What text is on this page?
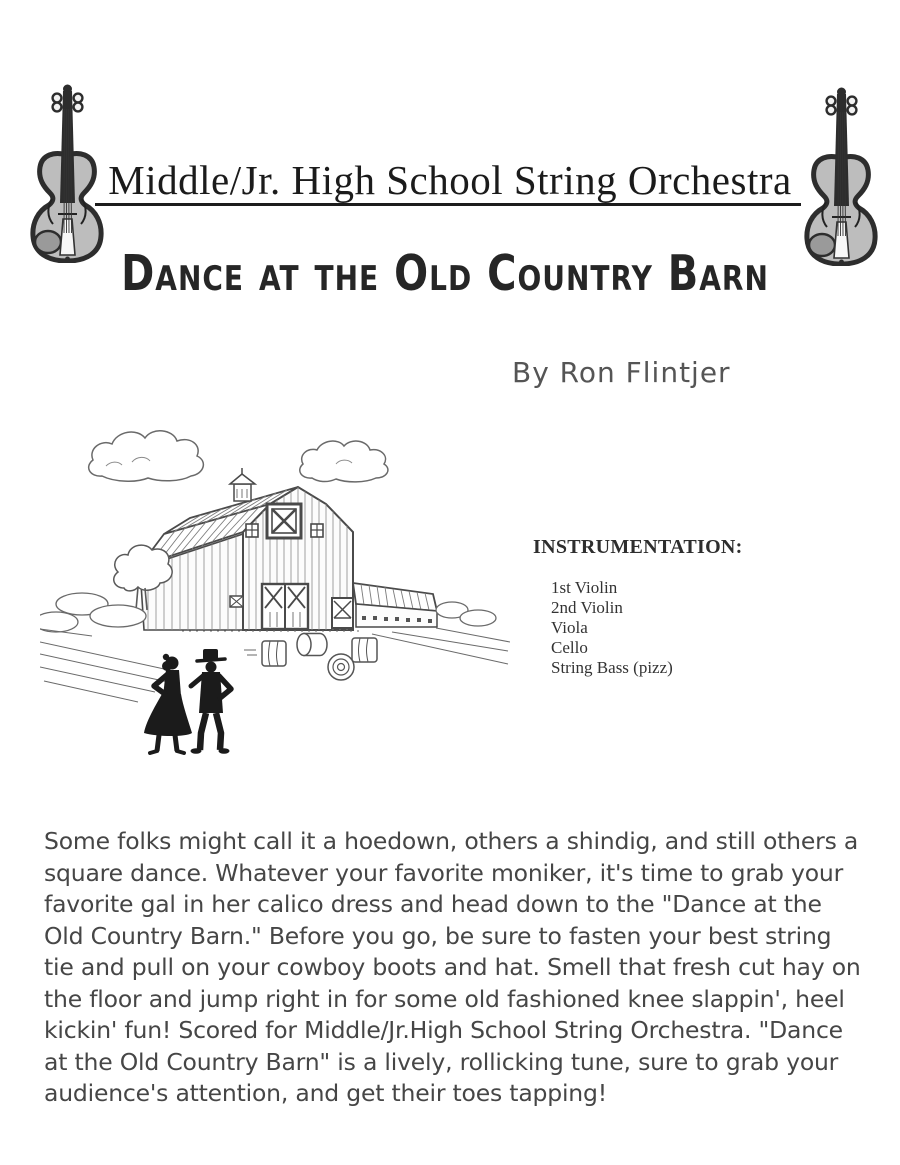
Middle/Jr. High School String Orchestra
Dance at the Old Country Barn
By Ron Flintjer

INSTRUMENTATION:

1st Violin
2nd Violin
Viola
Cello
String Bass (pizz)
Some folks might call it a hoedown, others a shindig, and still others a square dance. Whatever your favorite moniker, it's time to grab your favorite gal in her calico dress and head down to the "Dance at the Old Country Barn." Before you go, be sure to fasten your best string tie and pull on your cowboy boots and hat. Smell that fresh cut hay on the floor and jump right in for some old fashioned knee slappin', heel kickin' fun! Scored for Middle/Jr.High School String Orchestra. "Dance at the Old Country Barn" is a lively, rollicking tune, sure to grab your audience's attention, and get their toes tapping!
